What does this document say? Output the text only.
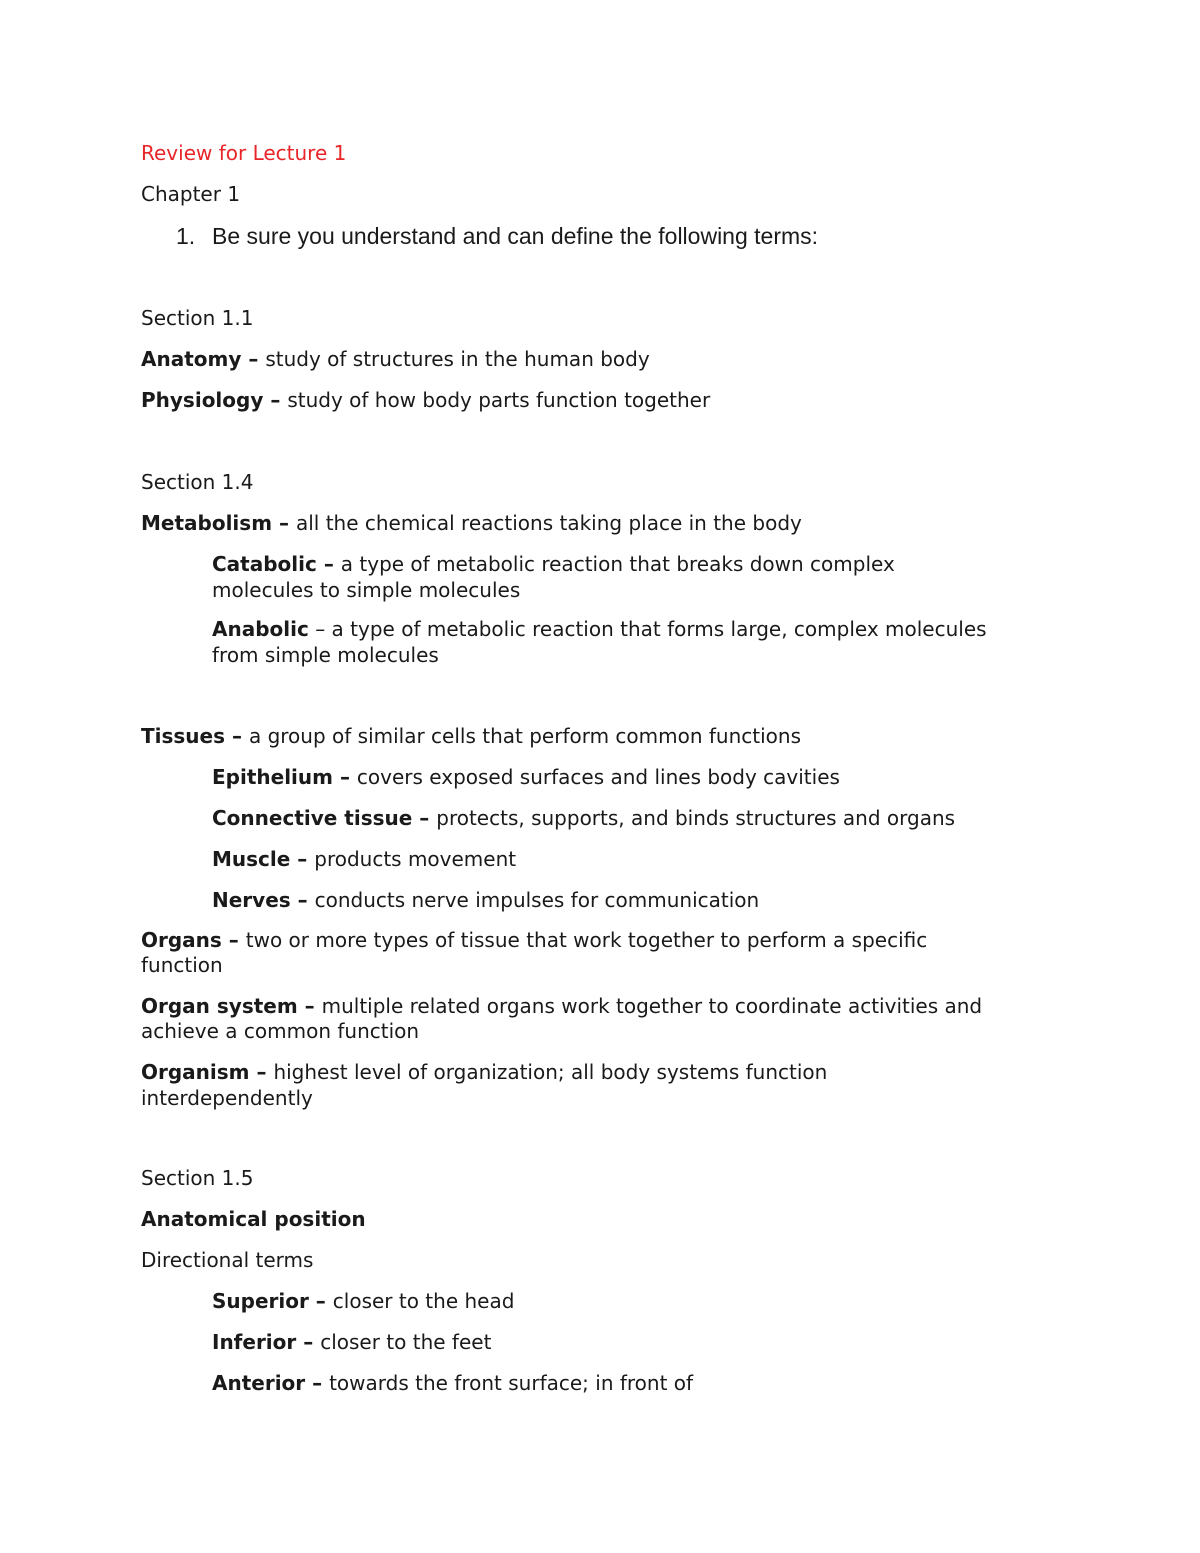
Review for Lecture 1
Chapter 1
1. Be sure you understand and can define the following terms:
Section 1.1
Anatomy – study of structures in the human body
Physiology – study of how body parts function together
Section 1.4
Metabolism – all the chemical reactions taking place in the body
Catabolic – a type of metabolic reaction that breaks down complex
molecules to simple molecules
Anabolic – a type of metabolic reaction that forms large, complex molecules
from simple molecules
Tissues – a group of similar cells that perform common functions
Epithelium – covers exposed surfaces and lines body cavities
Connective tissue – protects, supports, and binds structures and organs
Muscle – products movement
Nerves – conducts nerve impulses for communication
Organs – two or more types of tissue that work together to perform a specific
function
Organ system – multiple related organs work together to coordinate activities and
achieve a common function
Organism – highest level of organization; all body systems function
interdependently
Section 1.5
Anatomical position
Directional terms
Superior – closer to the head
Inferior – closer to the feet
Anterior – towards the front surface; in front of
